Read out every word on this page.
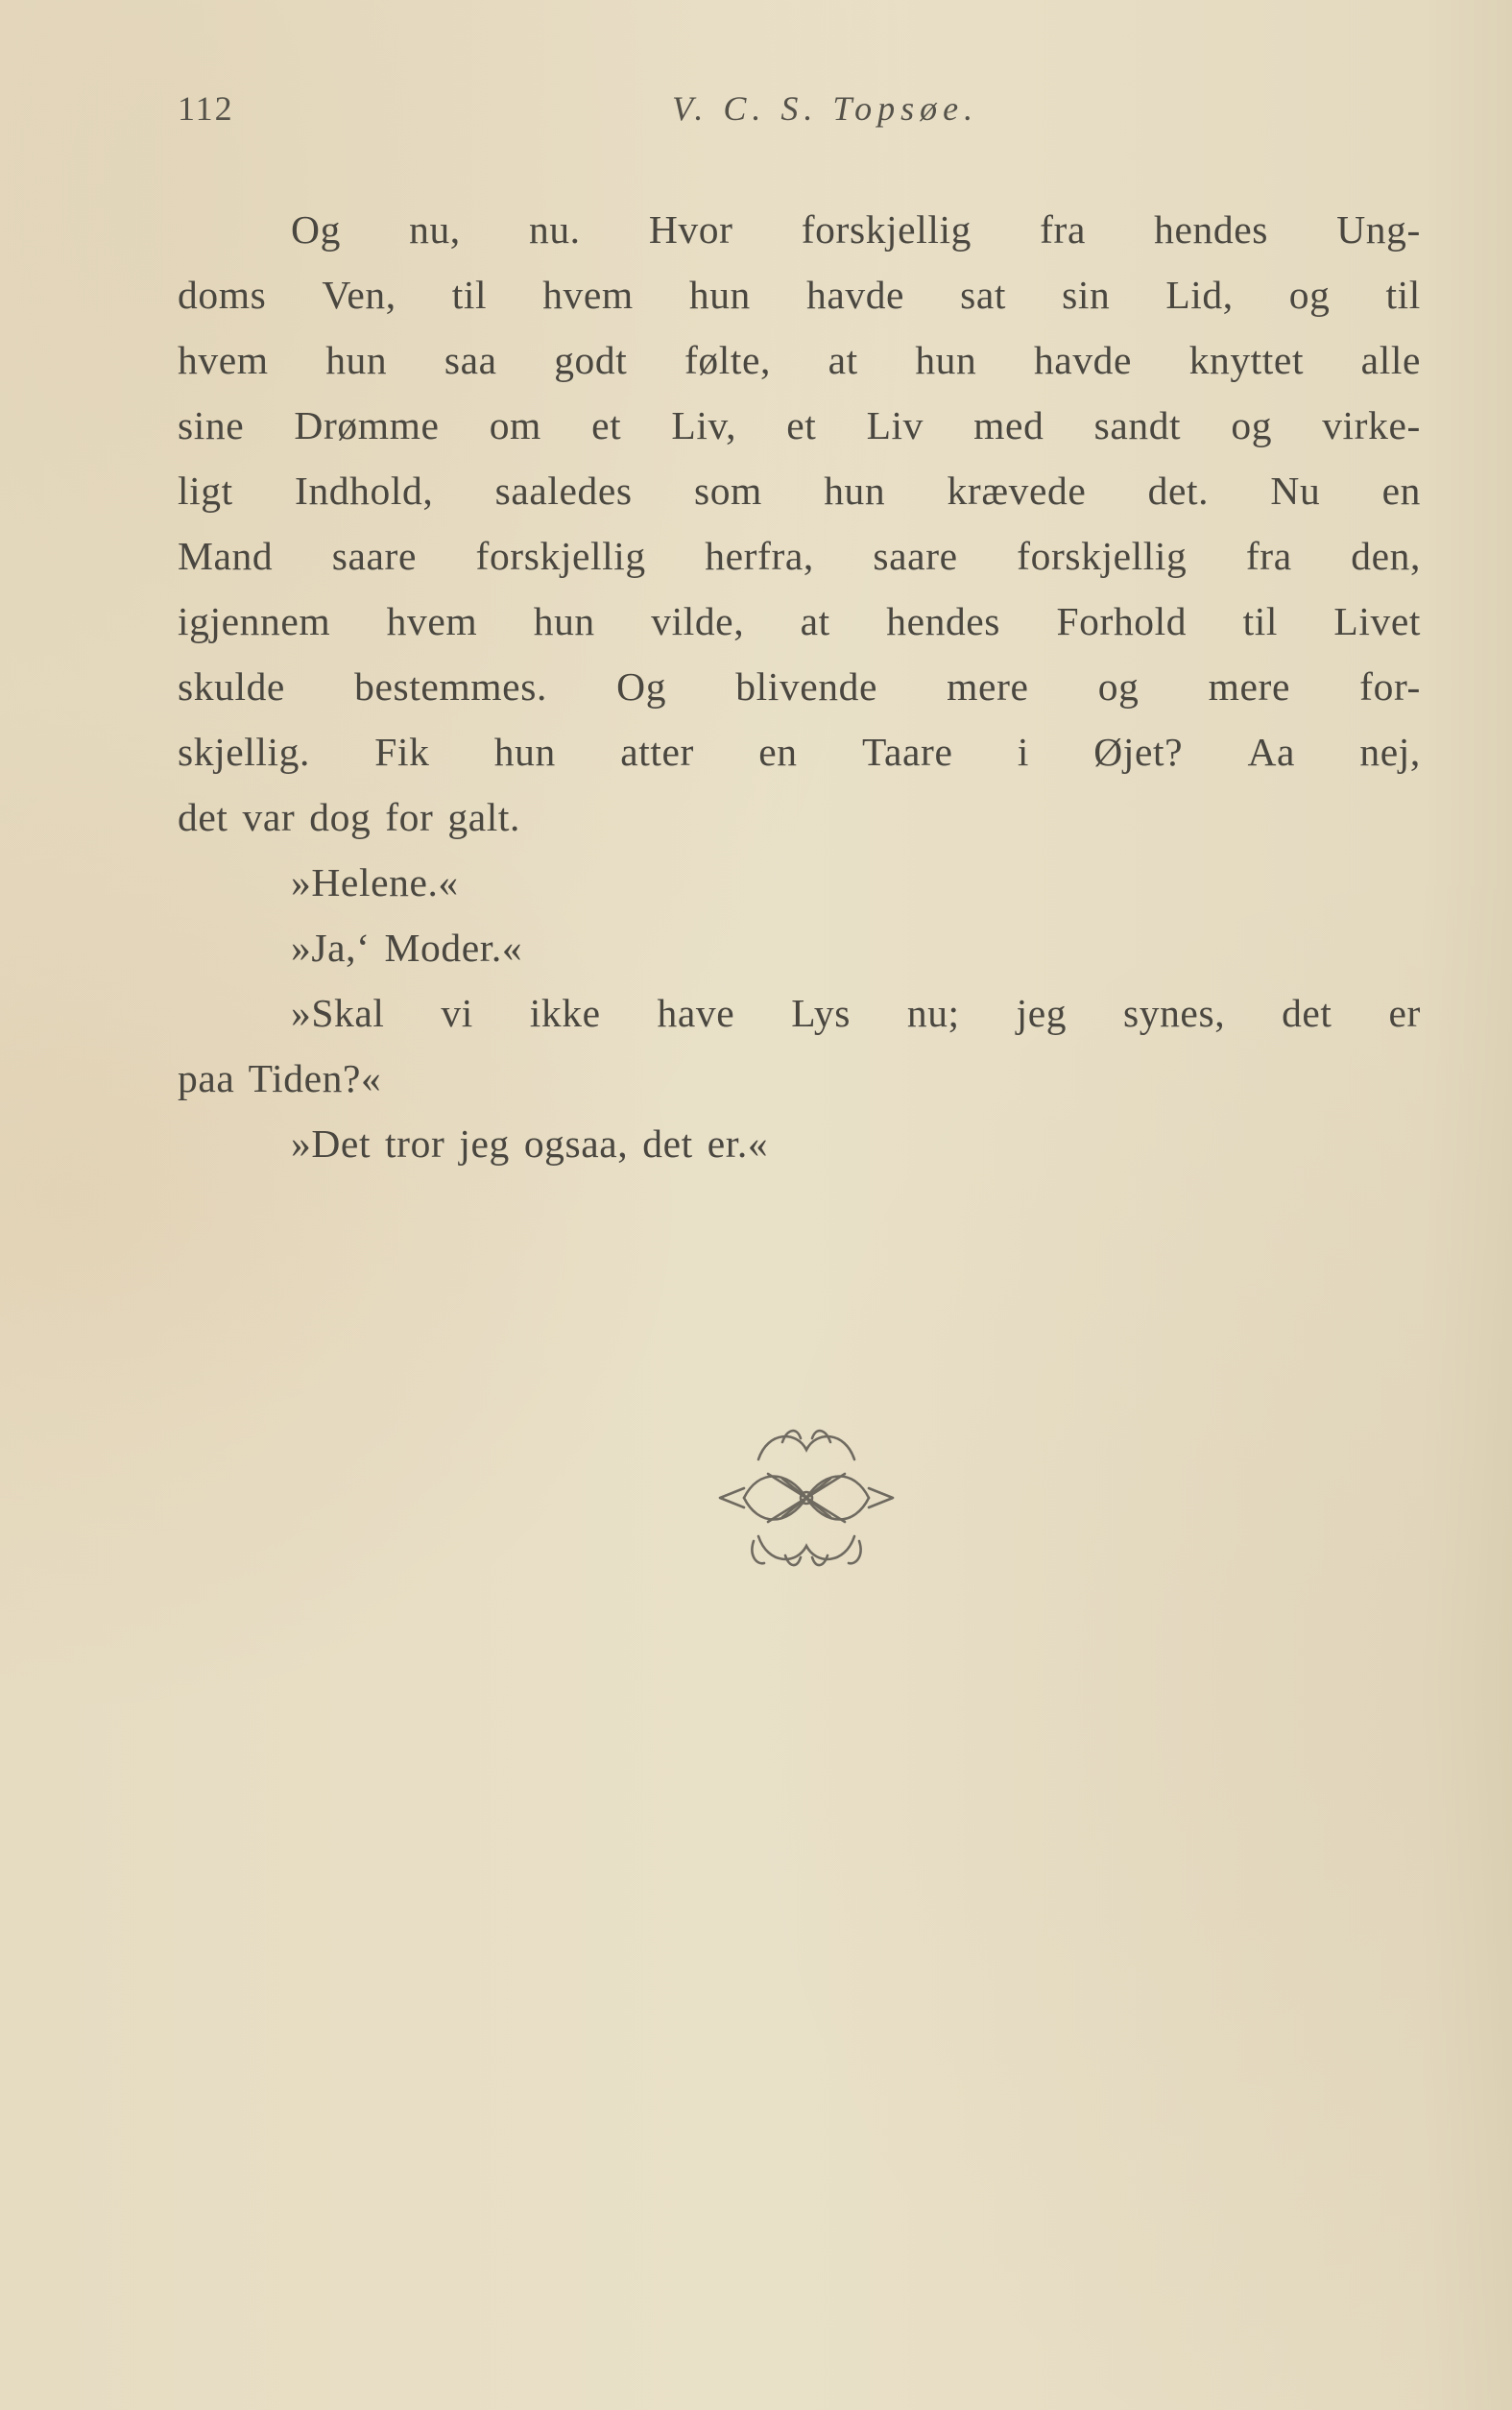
112	V. C. S. Topsøe.
Og nu, nu. Hvor forskjellig fra hendes Ung-
doms Ven, til hvem hun havde sat sin Lid, og til
hvem hun saa godt følte, at hun havde knyttet alle
sine Drømme om et Liv, et Liv med sandt og virke-
ligt Indhold, saaledes som hun krævede det. Nu en
Mand saare forskjellig herfra, saare forskjellig fra den,
igjennem hvem hun vilde, at hendes Forhold til Livet
skulde bestemmes. Og blivende mere og mere for-
skjellig. Fik hun atter en Taare i Øjet? Aa nej,
det var dog for galt.
»Helene.«
»Ja,ʻ Moder.«
»Skal vi ikke have Lys nu; jeg synes, det er
paa Tiden?«
»Det tror jeg ogsaa, det er.«
